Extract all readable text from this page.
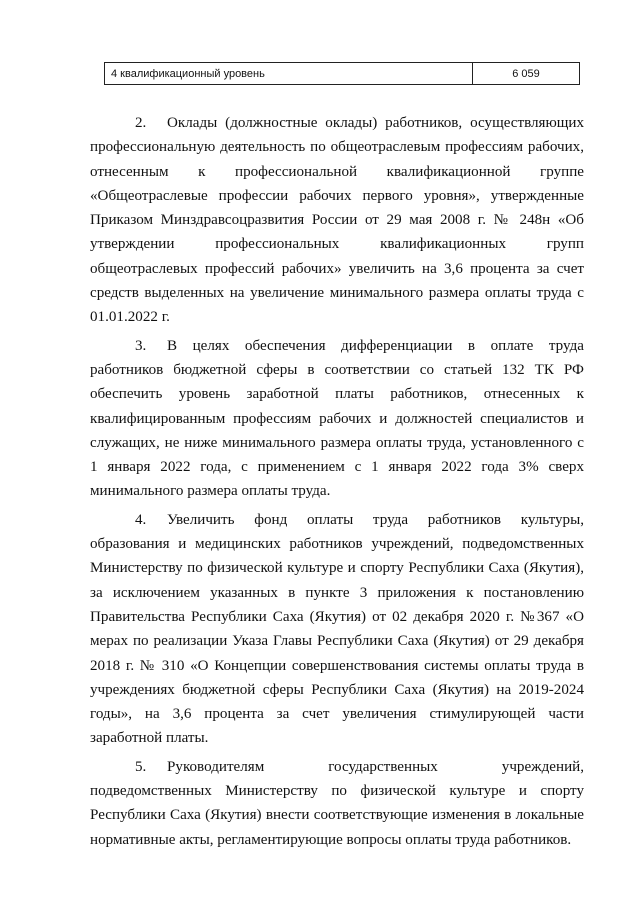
4 квалификационный уровень	6 059

2. Оклады (должностные оклады) работников, осуществляющих профессиональную деятельность по общеотраслевым профессиям рабочих, отнесенным к профессиональной квалификационной группе «Общеотраслевые профессии рабочих первого уровня», утвержденные Приказом Минздравсоцразвития России от 29 мая 2008 г. № 248н «Об утверждении профессиональных квалификационных групп общеотраслевых профессий рабочих» увеличить на 3,6 процента за счет средств выделенных на увеличение минимального размера оплаты труда с 01.01.2022 г.

3. В целях обеспечения дифференциации в оплате труда работников бюджетной сферы в соответствии со статьей 132 ТК РФ обеспечить уровень заработной платы работников, отнесенных к квалифицированным профессиям рабочих и должностей специалистов и служащих, не ниже минимального размера оплаты труда, установленного с 1 января 2022 года, с применением с 1 января 2022 года 3% сверх минимального размера оплаты труда.

4. Увеличить фонд оплаты труда работников культуры, образования и медицинских работников учреждений, подведомственных Министерству по физической культуре и спорту Республики Саха (Якутия), за исключением указанных в пункте 3 приложения к постановлению Правительства Республики Саха (Якутия) от 02 декабря 2020 г. №367 «О мерах по реализации Указа Главы Республики Саха (Якутия) от 29 декабря 2018 г. № 310 «О Концепции совершенствования системы оплаты труда в учреждениях бюджетной сферы Республики Саха (Якутия) на 2019-2024 годы», на 3,6 процента за счет увеличения стимулирующей части заработной платы.

5. Руководителям государственных учреждений, подведомственных Министерству по физической культуре и спорту Республики Саха (Якутия) внести соответствующие изменения в локальные нормативные акты, регламентирующие вопросы оплаты труда работников.
